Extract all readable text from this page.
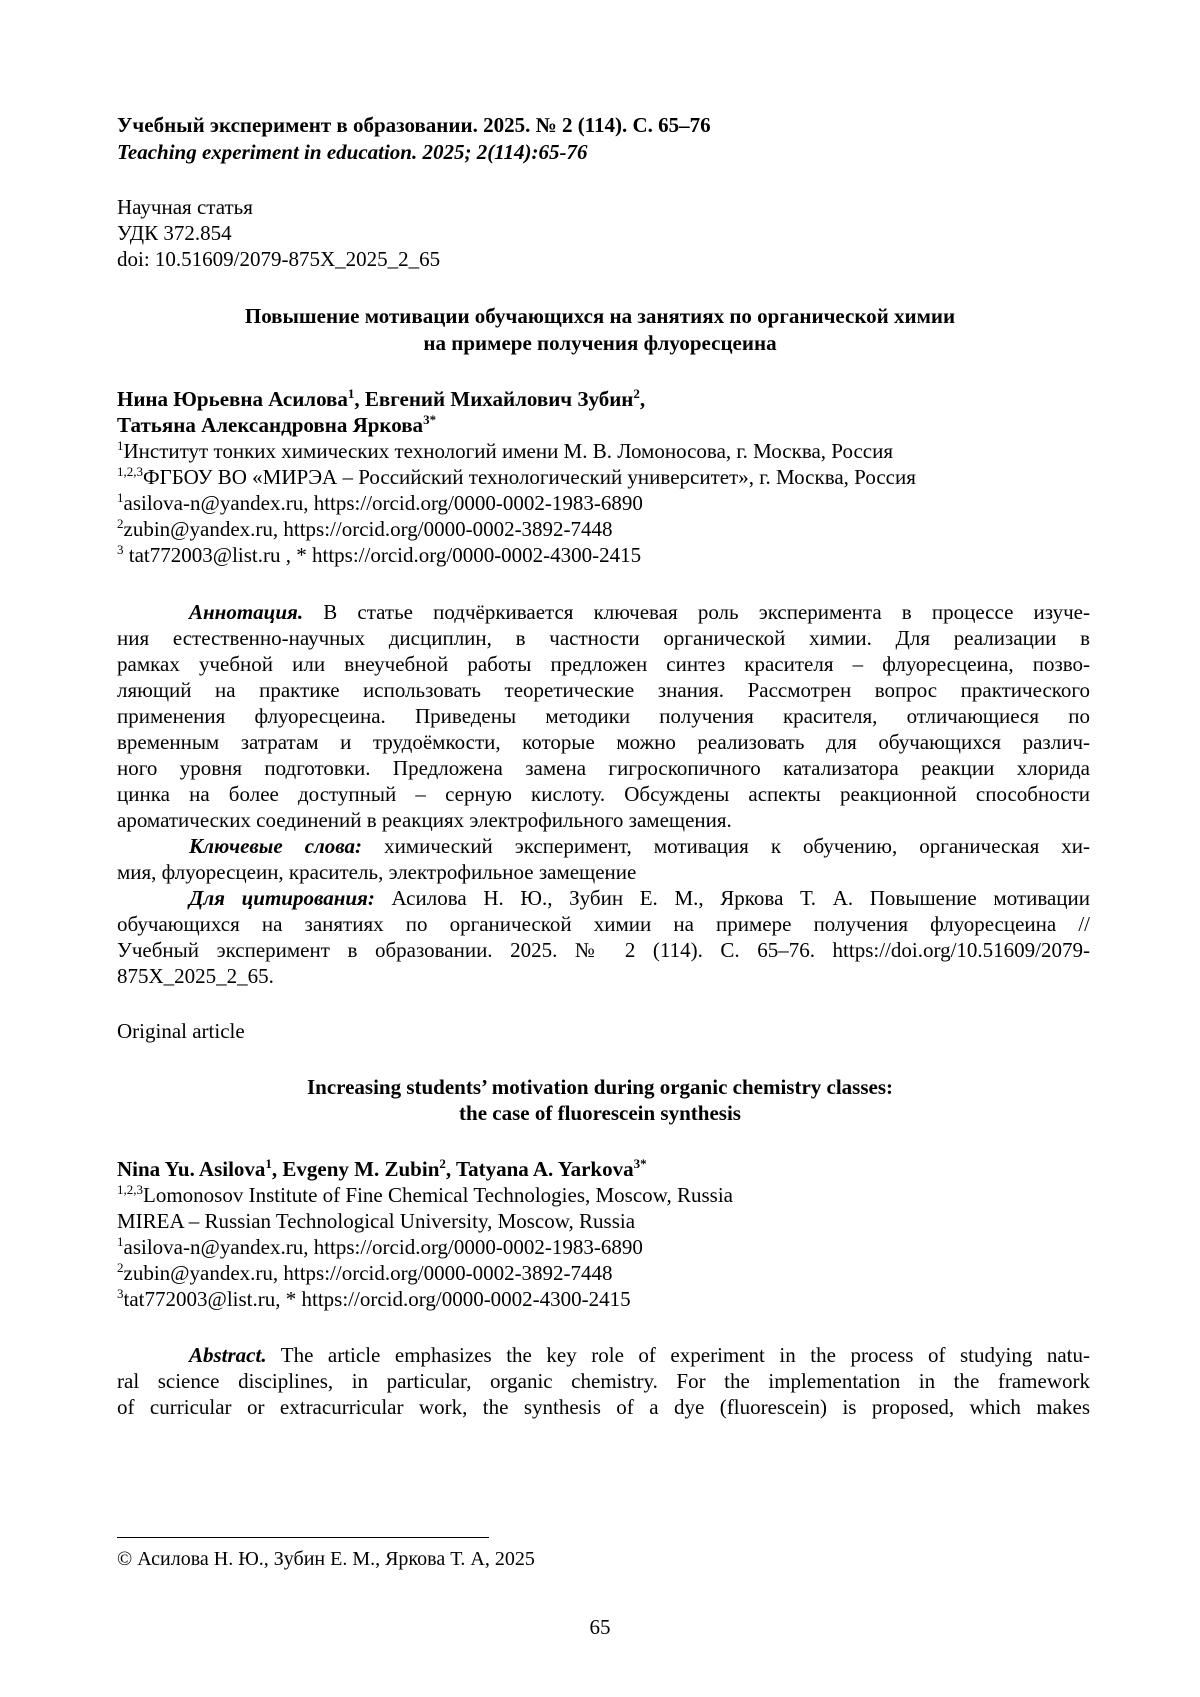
Учебный эксперимент в образовании. 2025. № 2 (114). С. 65–76
Teaching experiment in education. 2025; 2(114):65-76
Научная статья
УДК 372.854
doi: 10.51609/2079-875X_2025_2_65
Повышение мотивации обучающихся на занятиях по органической химии
на примере получения флуоресцеина
Нина Юрьевна Асилова$^1$, Евгений Михайлович Зубин$^2$,
Татьяна Александровна Яркова$^{3*}$
$^1$Институт тонких химических технологий имени М. В. Ломоносова, г. Москва, Россия
$^{1,2,3}$ФГБОУ ВО «МИРЭА – Российский технологический университет», г. Москва, Россия
$^1$asilova-n@yandex.ru, https://orcid.org/0000-0002-1983-6890
$^2$zubin@yandex.ru, https://orcid.org/0000-0002-3892-7448
$^3$ tat772003@list.ru , * https://orcid.org/0000-0002-4300-2415
Аннотация. В статье подчёркивается ключевая роль эксперимента в процессе изуче-
ния естественно-научных дисциплин, в частности органической химии. Для реализации в
рамках учебной или внеучебной работы предложен синтез красителя – флуоресцеина, позво-
ляющий на практике использовать теоретические знания. Рассмотрен вопрос практического
применения флуоресцеина. Приведены методики получения красителя, отличающиеся по
временным затратам и трудоёмкости, которые можно реализовать для обучающихся различ-
ного уровня подготовки. Предложена замена гигроскопичного катализатора реакции хлорида
цинка на более доступный – серную кислоту. Обсуждены аспекты реакционной способности
ароматических соединений в реакциях электрофильного замещения.
Ключевые слова: химический эксперимент, мотивация к обучению, органическая хи-
мия, флуоресцеин, краситель, электрофильное замещение
Для цитирования: Асилова Н. Ю., Зубин Е. М., Яркова Т. А. Повышение мотивации
обучающихся на занятиях по органической химии на примере получения флуоресцеина //
Учебный эксперимент в образовании. 2025. № 2 (114). С. 65–76. https://doi.org/10.51609/2079-
875X_2025_2_65.
Original article
Increasing students’ motivation during organic chemistry classes:
the case of fluorescein synthesis
Nina Yu. Asilova$^1$, Evgeny M. Zubin$^2$, Tatyana A. Yarkova$^{3*}$
$^{1,2,3}$Lomonosov Institute of Fine Chemical Technologies, Moscow, Russia
MIREA – Russian Technological University, Moscow, Russia
$^1$asilova-n@yandex.ru, https://orcid.org/0000-0002-1983-6890
$^2$zubin@yandex.ru, https://orcid.org/0000-0002-3892-7448
$^3$tat772003@list.ru, * https://orcid.org/0000-0002-4300-2415
Abstract. The article emphasizes the key role of experiment in the process of studying natu-
ral science disciplines, in particular, organic chemistry. For the implementation in the framework
of curricular or extracurricular work, the synthesis of a dye (fluorescein) is proposed, which makes
© Асилова Н. Ю., Зубин Е. М., Яркова Т. А, 2025
65
